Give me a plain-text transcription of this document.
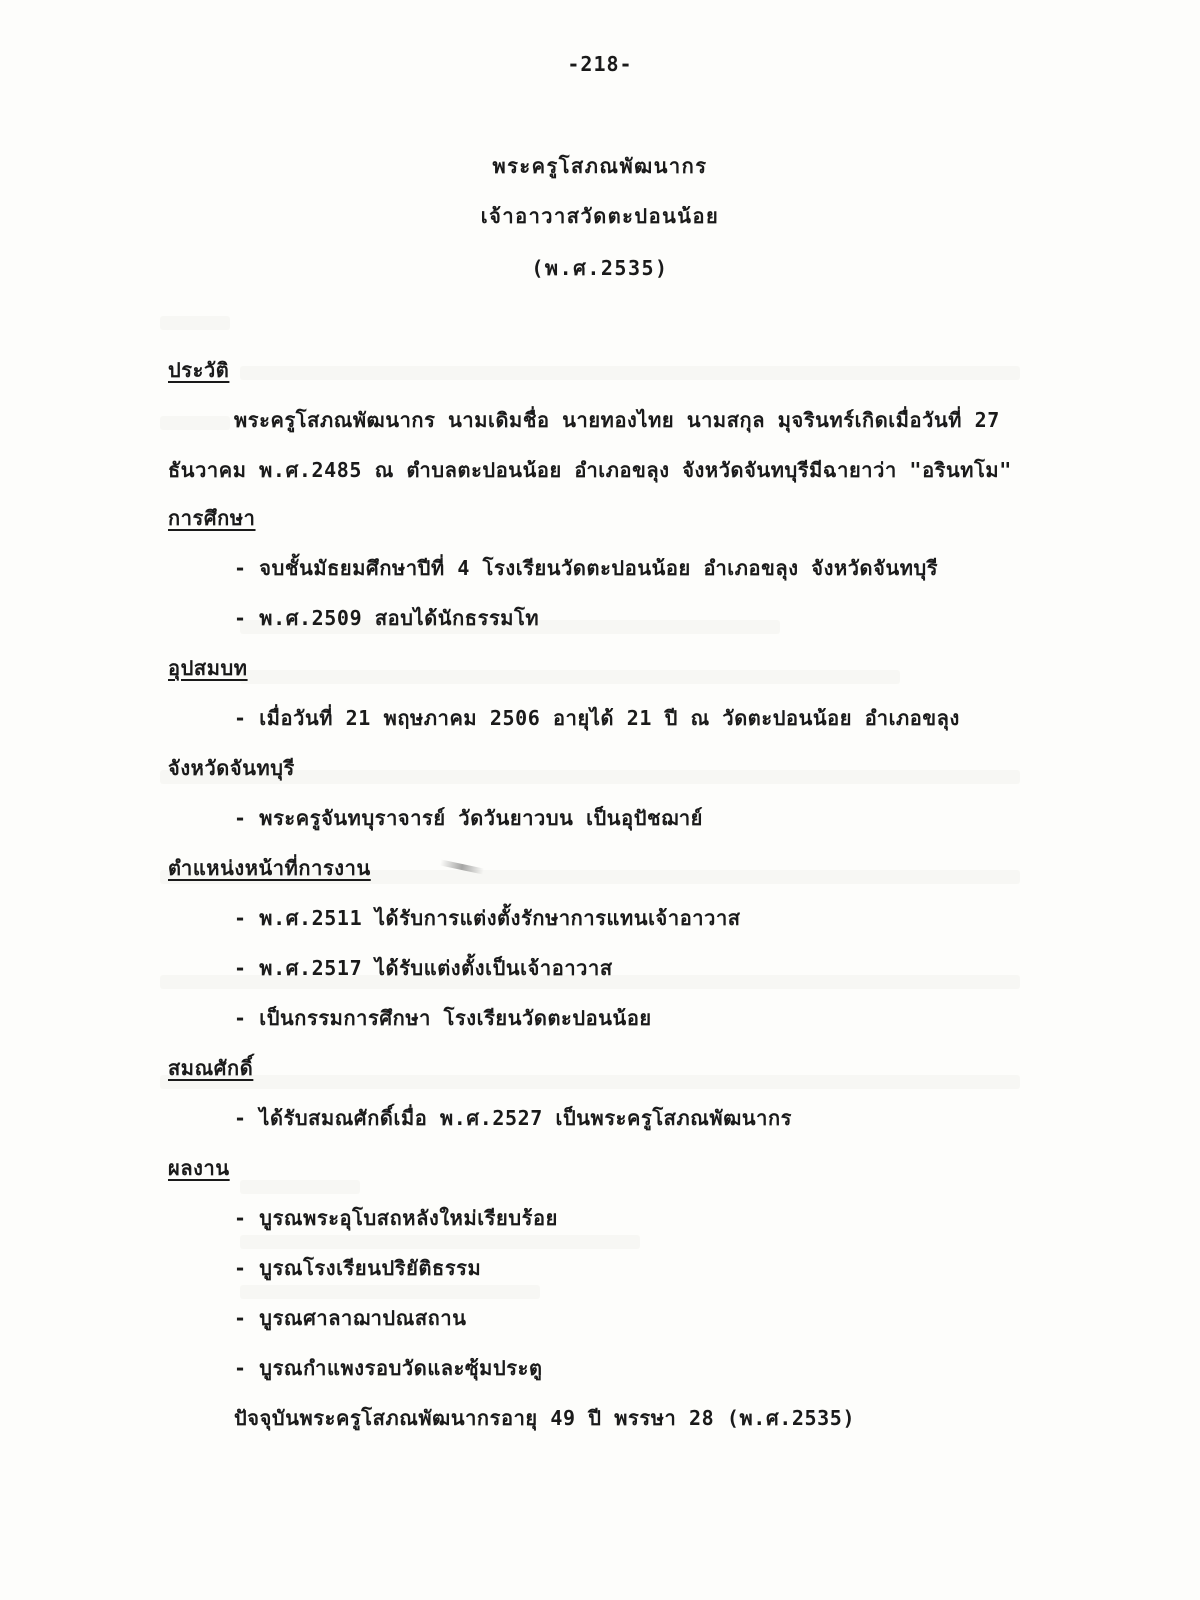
-218-
พระครูโสภณพัฒนากร
เจ้าอาวาสวัดตะปอนน้อย
(พ.ศ.2535)
ประวัติ
พระครูโสภณพัฒนากร นามเดิมชื่อ นายทองไทย นามสกุล มุจรินทร์เกิดเมื่อวันที่ 27
ธันวาคม พ.ศ.2485 ณ ตำบลตะปอนน้อย อำเภอขลุง จังหวัดจันทบุรีมีฉายาว่า "อรินทโม"
การศึกษา
- จบชั้นมัธยมศึกษาปีที่ 4 โรงเรียนวัดตะปอนน้อย อำเภอขลุง จังหวัดจันทบุรี
- พ.ศ.2509 สอบได้นักธรรมโท
อุปสมบท
- เมื่อวันที่ 21 พฤษภาคม 2506 อายุได้ 21 ปี ณ วัดตะปอนน้อย อำเภอขลุง
จังหวัดจันทบุรี
- พระครูจันทบุราจารย์ วัดวันยาวบน เป็นอุปัชฌาย์
ตำแหน่งหน้าที่การงาน
- พ.ศ.2511 ได้รับการแต่งตั้งรักษาการแทนเจ้าอาวาส
- พ.ศ.2517 ได้รับแต่งตั้งเป็นเจ้าอาวาส
- เป็นกรรมการศึกษา โรงเรียนวัดตะปอนน้อย
สมณศักดิ์
- ได้รับสมณศักดิ์เมื่อ พ.ศ.2527 เป็นพระครูโสภณพัฒนากร
ผลงาน
- บูรณพระอุโบสถหลังใหม่เรียบร้อย
- บูรณโรงเรียนปริยัติธรรม
- บูรณศาลาฌาปณสถาน
- บูรณกำแพงรอบวัดและซุ้มประตู
ปัจจุบันพระครูโสภณพัฒนากรอายุ 49 ปี พรรษา 28 (พ.ศ.2535)
